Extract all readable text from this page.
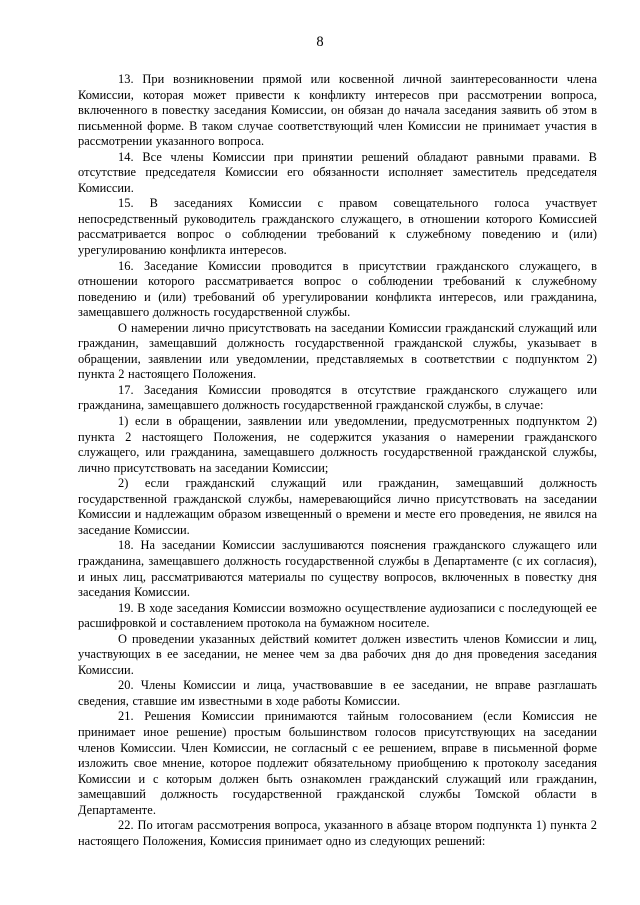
8

13. При возникновении прямой или косвенной личной заинтересованности члена Комиссии, которая может привести к конфликту интересов при рассмотрении вопроса, включенного в повестку заседания Комиссии, он обязан до начала заседания заявить об этом в письменной форме. В таком случае соответствующий член Комиссии не принимает участия в рассмотрении указанного вопроса.

14. Все члены Комиссии при принятии решений обладают равными правами. В отсутствие председателя Комиссии его обязанности исполняет заместитель председателя Комиссии.

15. В заседаниях Комиссии с правом совещательного голоса участвует непосредственный руководитель гражданского служащего, в отношении которого Комиссией рассматривается вопрос о соблюдении требований к служебному поведению и (или) урегулированию конфликта интересов.

16. Заседание Комиссии проводится в присутствии гражданского служащего, в отношении которого рассматривается вопрос о соблюдении требований к служебному поведению и (или) требований об урегулировании конфликта интересов, или гражданина, замещавшего должность государственной службы.

О намерении лично присутствовать на заседании Комиссии гражданский служащий или гражданин, замещавший должность государственной гражданской службы, указывает в обращении, заявлении или уведомлении, представляемых в соответствии с подпунктом 2) пункта 2 настоящего Положения.

17. Заседания Комиссии проводятся в отсутствие гражданского служащего или гражданина, замещавшего должность государственной гражданской службы, в случае:

1) если в обращении, заявлении или уведомлении, предусмотренных подпунктом 2) пункта 2 настоящего Положения, не содержится указания о намерении гражданского служащего, или гражданина, замещавшего должность государственной гражданской службы, лично присутствовать на заседании Комиссии;

2) если гражданский служащий или гражданин, замещавший должность государственной гражданской службы, намеревающийся лично присутствовать на заседании Комиссии и надлежащим образом извещенный о времени и месте его проведения, не явился на заседание Комиссии.

18. На заседании Комиссии заслушиваются пояснения гражданского служащего или гражданина, замещавшего должность государственной службы в Департаменте (с их согласия), и иных лиц, рассматриваются материалы по существу вопросов, включенных в повестку дня заседания Комиссии.

19. В ходе заседания Комиссии возможно осуществление аудиозаписи с последующей ее расшифровкой и составлением протокола на бумажном носителе.

О проведении указанных действий комитет должен известить членов Комиссии и лиц, участвующих в ее заседании, не менее чем за два рабочих дня до дня проведения заседания Комиссии.

20. Члены Комиссии и лица, участвовавшие в ее заседании, не вправе разглашать сведения, ставшие им известными в ходе работы Комиссии.

21. Решения Комиссии принимаются тайным голосованием (если Комиссия не принимает иное решение) простым большинством голосов присутствующих на заседании членов Комиссии. Член Комиссии, не согласный с ее решением, вправе в письменной форме изложить свое мнение, которое подлежит обязательному приобщению к протоколу заседания Комиссии и с которым должен быть ознакомлен гражданский служащий или гражданин, замещавший должность государственной гражданской службы Томской области в Департаменте.

22. По итогам рассмотрения вопроса, указанного в абзаце втором подпункта 1) пункта 2 настоящего Положения, Комиссия принимает одно из следующих решений:
